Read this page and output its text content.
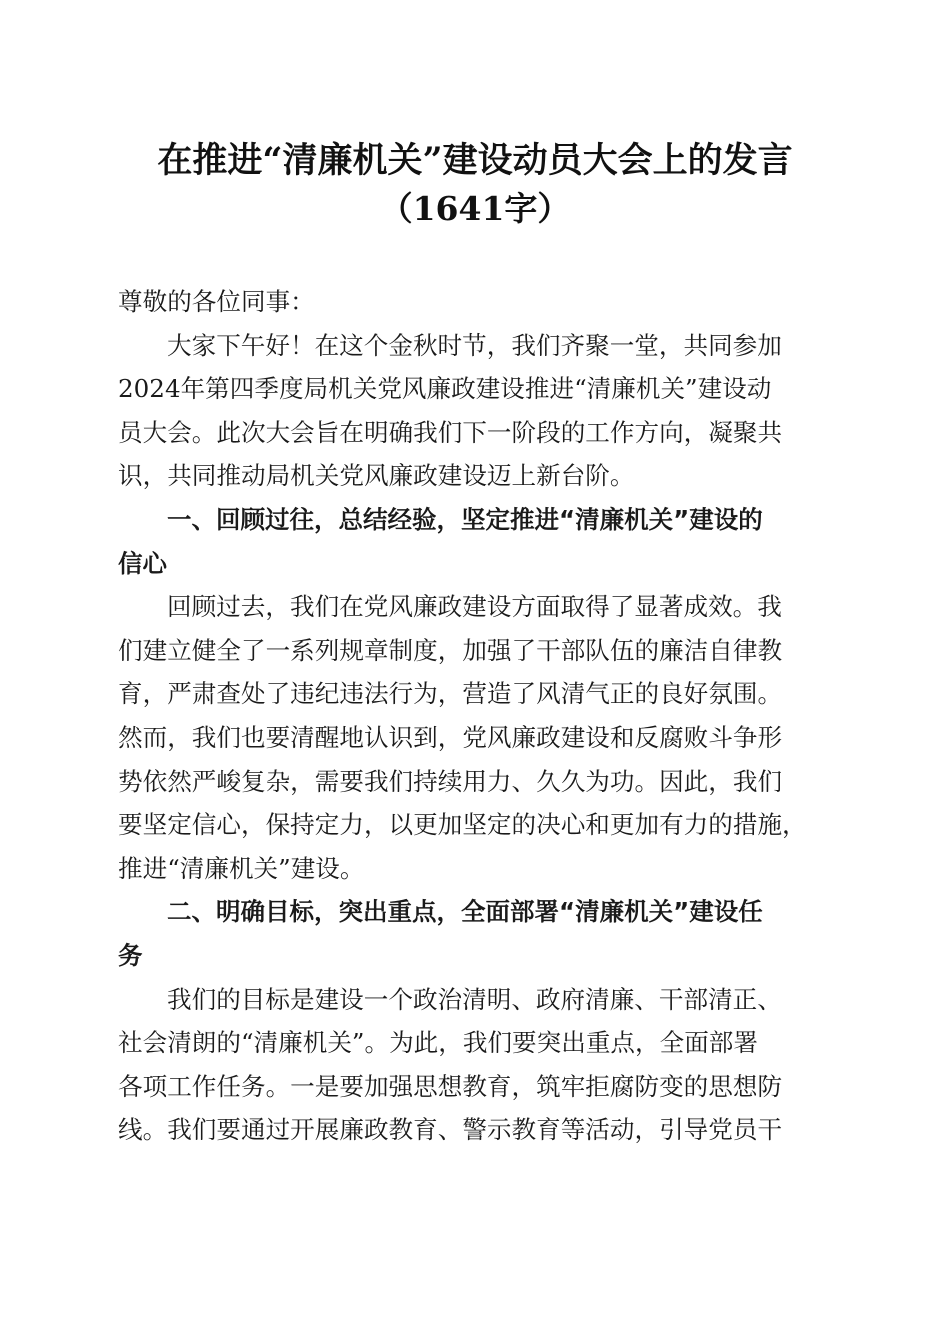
在推进“清廉机关”建设动员大会上的发言
（1641字）
尊敬的各位同事：
大家下午好！在这个金秋时节，我们齐聚一堂，共同参加
2024年第四季度局机关党风廉政建设推进“清廉机关”建设动
员大会。此次大会旨在明确我们下一阶段的工作方向，凝聚共
识，共同推动局机关党风廉政建设迈上新台阶。
一、回顾过往，总结经验，坚定推进“清廉机关”建设的
信心
回顾过去，我们在党风廉政建设方面取得了显著成效。我
们建立健全了一系列规章制度，加强了干部队伍的廉洁自律教
育，严肃查处了违纪违法行为，营造了风清气正的良好氛围。
然而，我们也要清醒地认识到，党风廉政建设和反腐败斗争形
势依然严峻复杂，需要我们持续用力、久久为功。因此，我们
要坚定信心，保持定力，以更加坚定的决心和更加有力的措施，
推进“清廉机关”建设。
二、明确目标，突出重点，全面部署“清廉机关”建设任
务
我们的目标是建设一个政治清明、政府清廉、干部清正、
社会清朗的“清廉机关”。为此，我们要突出重点，全面部署
各项工作任务。一是要加强思想教育，筑牢拒腐防变的思想防
线。我们要通过开展廉政教育、警示教育等活动，引导党员干
